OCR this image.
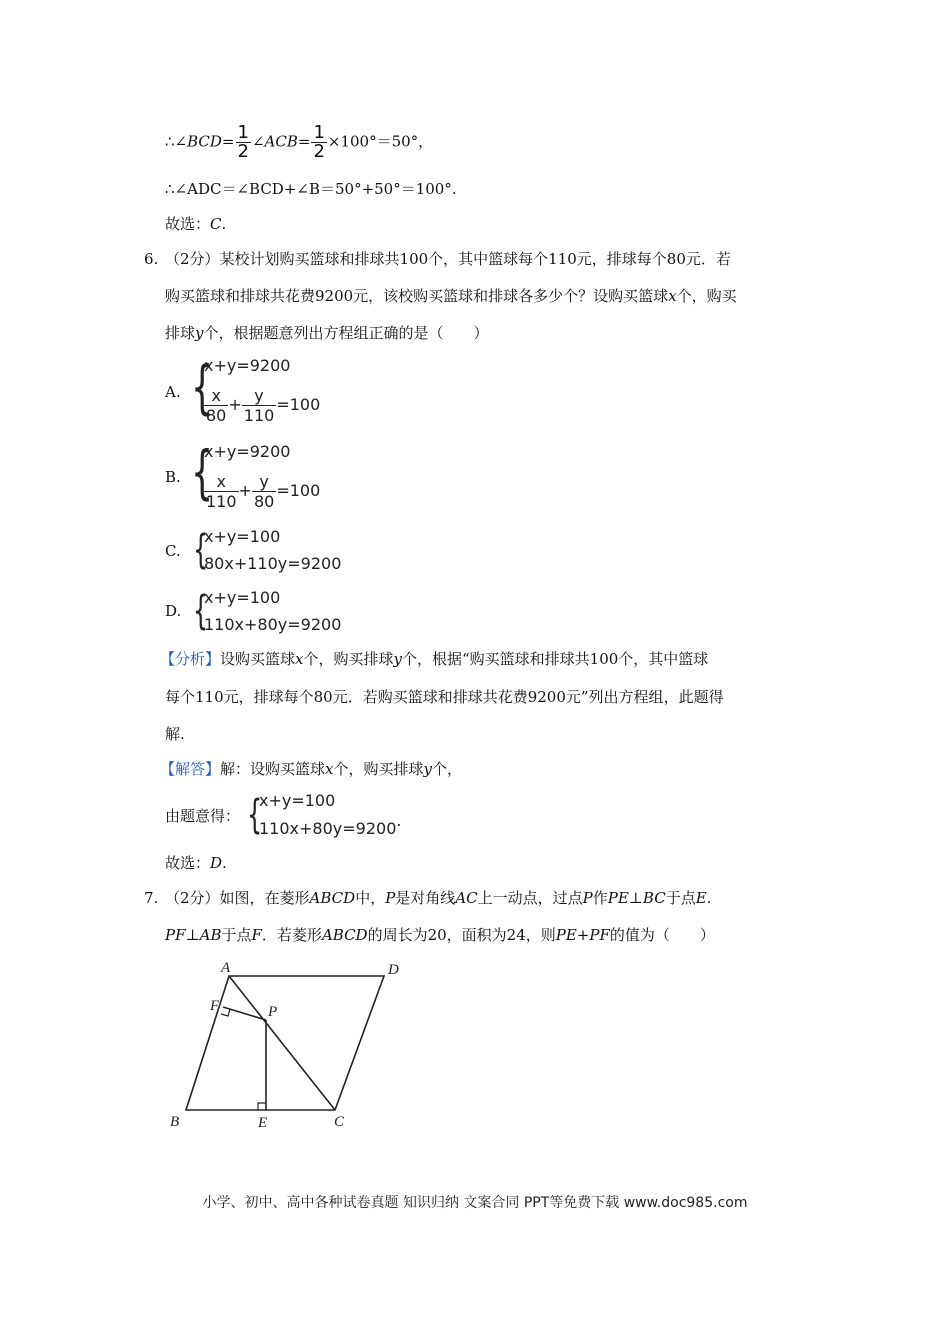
∴∠BCD= $\frac{1}{2}$ ∠ACB= $\frac{1}{2} \times 100^\circ=50^\circ$，
∴∠ADC＝∠BCD+∠B＝50°+50°＝100°.
故选：C.
6. （2分）某校计划购买篮球和排球共100个，其中篮球每个110元，排球每个80元．若
购买篮球和排球共花费9200元，该校购买篮球和排球各多少个？设购买篮球x个，购买
排球y个，根据题意列出方程组正确的是（　　）
A. {
x+y=9200
$\frac{x}{80} + \frac{y}{110} =100$
B. {
x+y=9200
$\frac{x}{110} + \frac{y}{80} =100$
C. {
x+y=100
80x+110y=9200
D. {
x+y=100
110x+80y=9200
【分析】设购买篮球x个，购买排球y个，根据“购买篮球和排球共100个，其中篮球
每个110元，排球每个80元．若购买篮球和排球共花费9200元”列出方程组，此题得
解.
【解答】解：设购买篮球x个，购买排球y个，
由题意得： {
x+y=100
110x+80y=9200.
故选：D.
7. （2分）如图，在菱形ABCD中，P是对角线AC上一动点，过点P作PE⊥BC于点E.
PF⊥AB于点F．若菱形ABCD的周长为20，面积为24，则PE+PF的值为（　　）
A	D
F	P
B	E	C
小学、初中、高中各种试卷真题 知识归纳 文案合同 PPT等免费下载 www.doc985.com
